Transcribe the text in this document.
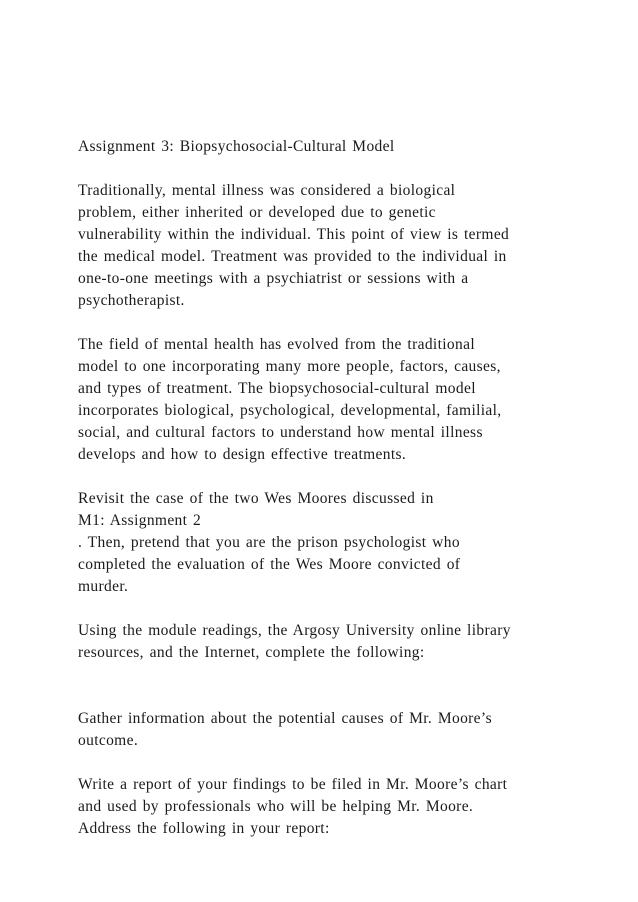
Assignment 3: Biopsychosocial-Cultural Model
Traditionally, mental illness was considered a biological
problem, either inherited or developed due to genetic
vulnerability within the individual. This point of view is termed
the medical model. Treatment was provided to the individual in
one-to-one meetings with a psychiatrist or sessions with a
psychotherapist.
The field of mental health has evolved from the traditional
model to one incorporating many more people, factors, causes,
and types of treatment. The biopsychosocial-cultural model
incorporates biological, psychological, developmental, familial,
social, and cultural factors to understand how mental illness
develops and how to design effective treatments.
Revisit the case of the two Wes Moores discussed in
M1: Assignment 2
. Then, pretend that you are the prison psychologist who
completed the evaluation of the Wes Moore convicted of
murder.
Using the module readings, the Argosy University online library
resources, and the Internet, complete the following:
Gather information about the potential causes of Mr. Moore’s
outcome.
Write a report of your findings to be filed in Mr. Moore’s chart
and used by professionals who will be helping Mr. Moore.
Address the following in your report:
